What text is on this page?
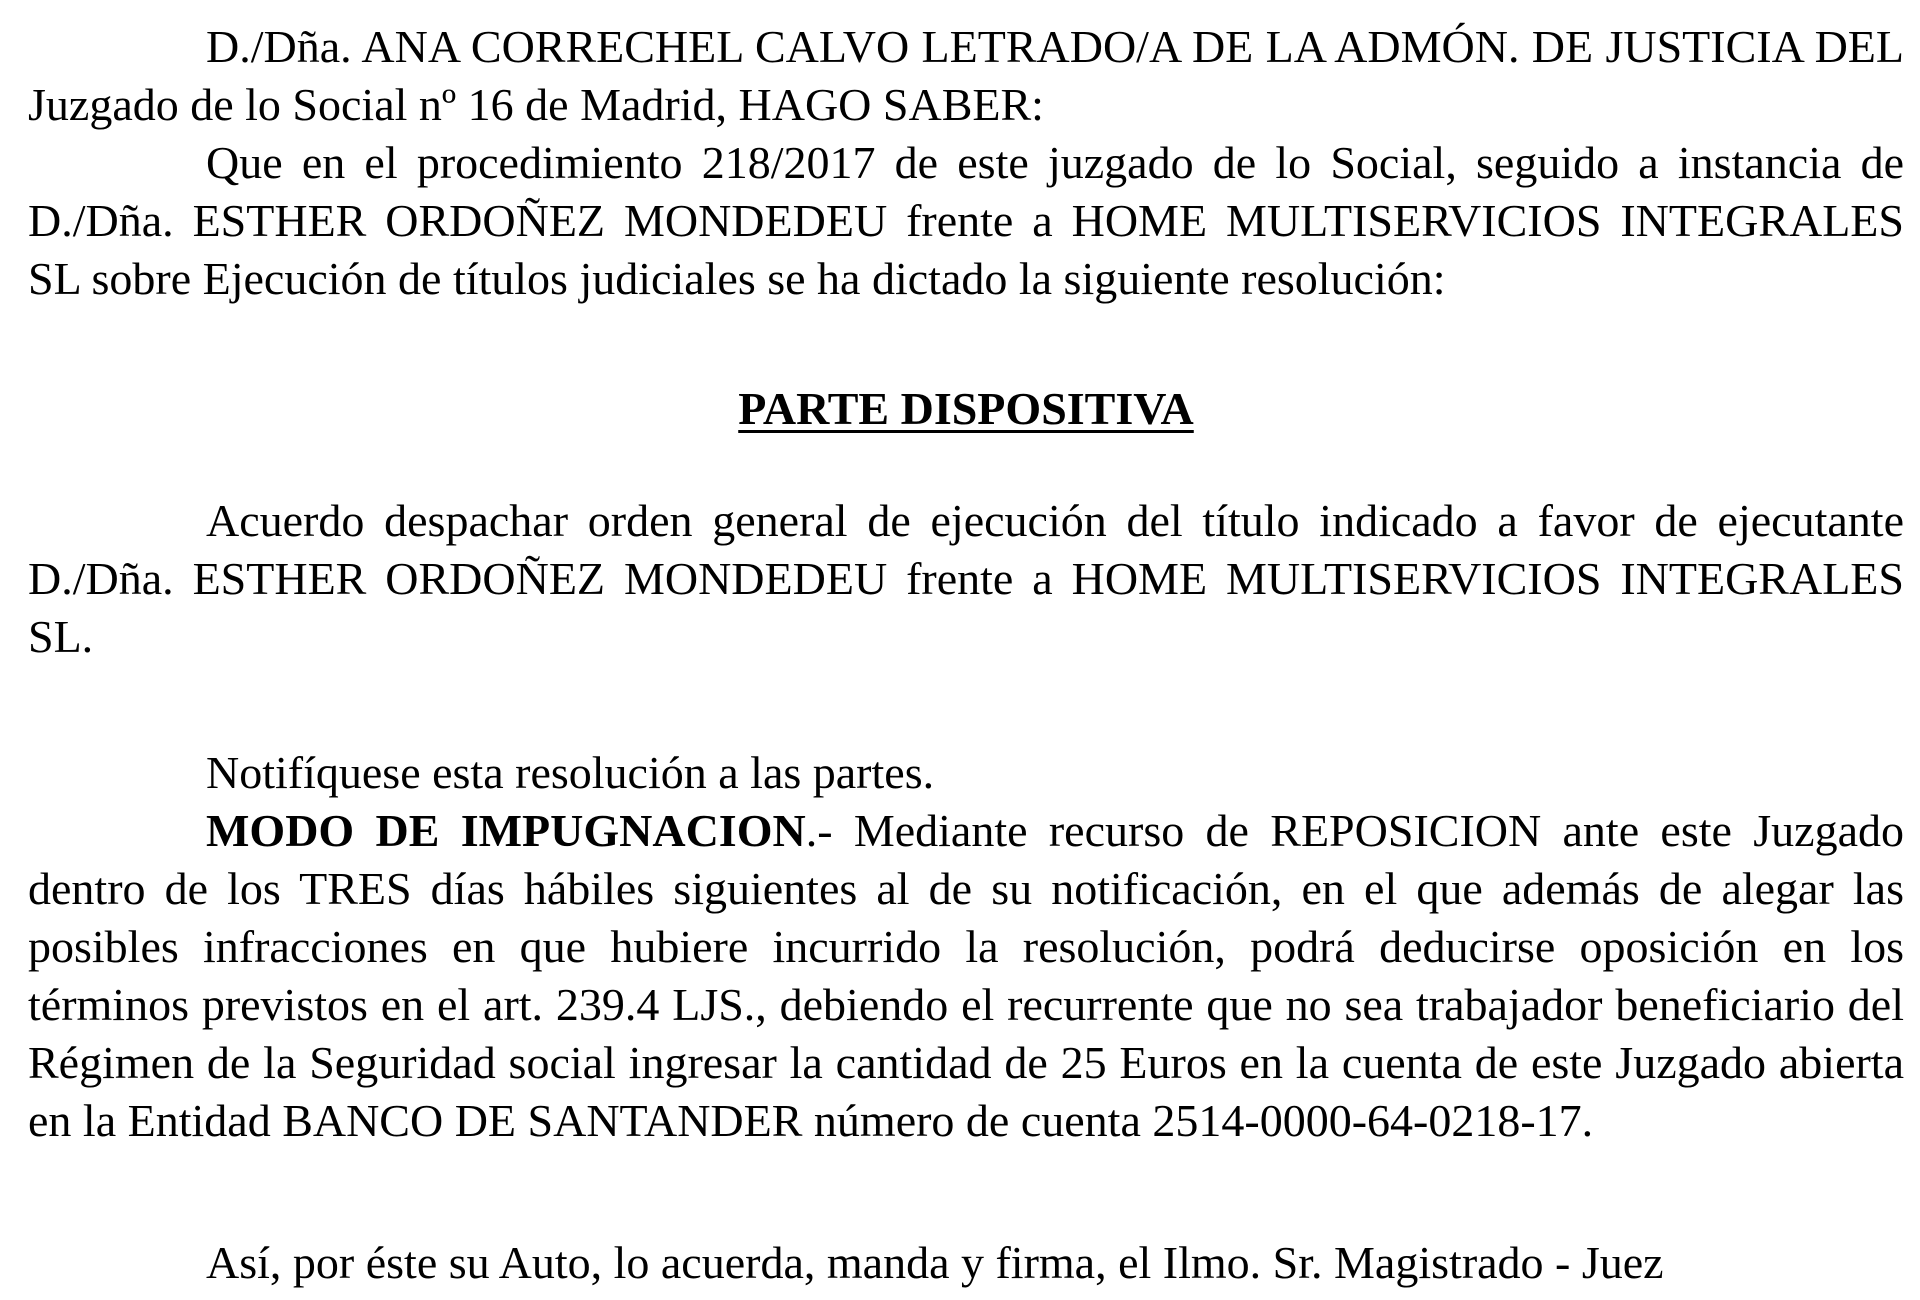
D./Dña. ANA CORRECHEL CALVO LETRADO/A DE LA ADMÓN. DE JUSTICIA DEL Juzgado de lo Social nº 16 de Madrid, HAGO SABER:

Que en el procedimiento 218/2017 de este juzgado de lo Social, seguido a instancia de D./Dña. ESTHER ORDOÑEZ MONDEDEU frente a HOME MULTISERVICIOS INTEGRALES SL sobre Ejecución de títulos judiciales se ha dictado la siguiente resolución:

PARTE DISPOSITIVA

Acuerdo despachar orden general de ejecución del título indicado a favor de ejecutante D./Dña. ESTHER ORDOÑEZ MONDEDEU frente a HOME MULTISERVICIOS INTEGRALES SL.

Notifíquese esta resolución a las partes.

MODO DE IMPUGNACION.- Mediante recurso de REPOSICION ante este Juzgado dentro de los TRES días hábiles siguientes al de su notificación, en el que además de alegar las posibles infracciones en que hubiere incurrido la resolución, podrá deducirse oposición en los términos previstos en el art. 239.4 LJS., debiendo el recurrente que no sea trabajador beneficiario del Régimen de la Seguridad social ingresar la cantidad de 25 Euros en la cuenta de este Juzgado abierta en la Entidad BANCO DE SANTANDER número de cuenta 2514-0000-64-0218-17.

Así, por éste su Auto, lo acuerda, manda y firma, el Ilmo. Sr. Magistrado - Juez
